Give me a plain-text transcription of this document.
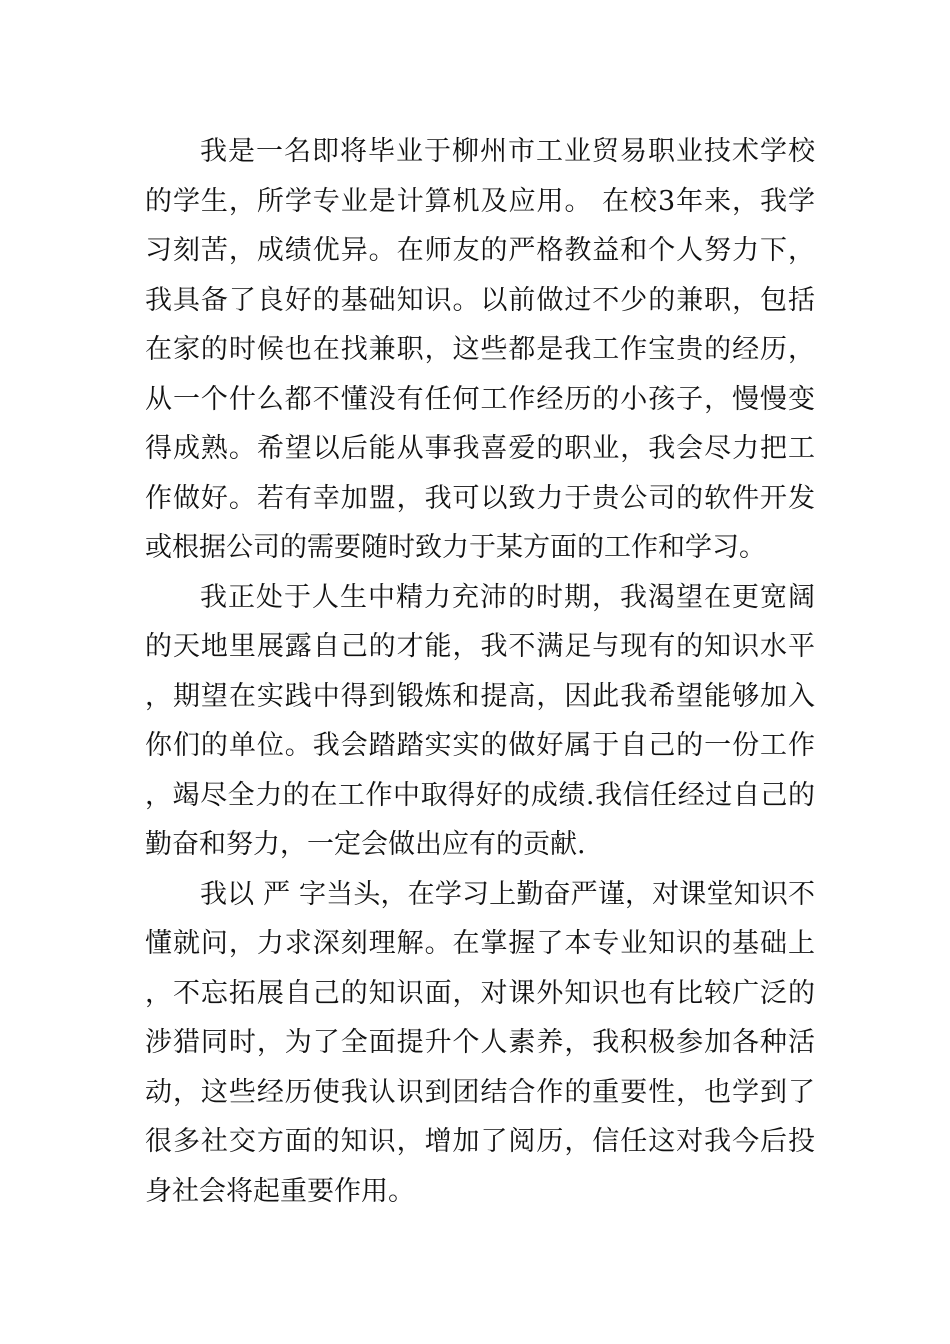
我是一名即将毕业于柳州市工业贸易职业技术学校的学生，所学专业是计算机及应用。 在校3年来，我学习刻苦，成绩优异。在师友的严格教益和个人努力下，我具备了良好的基础知识。以前做过不少的兼职，包括在家的时候也在找兼职，这些都是我工作宝贵的经历，从一个什么都不懂没有任何工作经历的小孩子，慢慢变得成熟。希望以后能从事我喜爱的职业，我会尽力把工作做好。若有幸加盟，我可以致力于贵公司的软件开发或根据公司的需要随时致力于某方面的工作和学习。

我正处于人生中精力充沛的时期，我渴望在更宽阔的天地里展露自己的才能，我不满足与现有的知识水平，期望在实践中得到锻炼和提高，因此我希望能够加入你们的单位。我会踏踏实实的做好属于自己的一份工作，竭尽全力的在工作中取得好的成绩.我信任经过自己的勤奋和努力，一定会做出应有的贡献.

我以 严 字当头，在学习上勤奋严谨，对课堂知识不懂就问，力求深刻理解。在掌握了本专业知识的基础上，不忘拓展自己的知识面，对课外知识也有比较广泛的涉猎同时，为了全面提升个人素养，我积极参加各种活动，这些经历使我认识到团结合作的重要性，也学到了很多社交方面的知识，增加了阅历，信任这对我今后投身社会将起重要作用。
